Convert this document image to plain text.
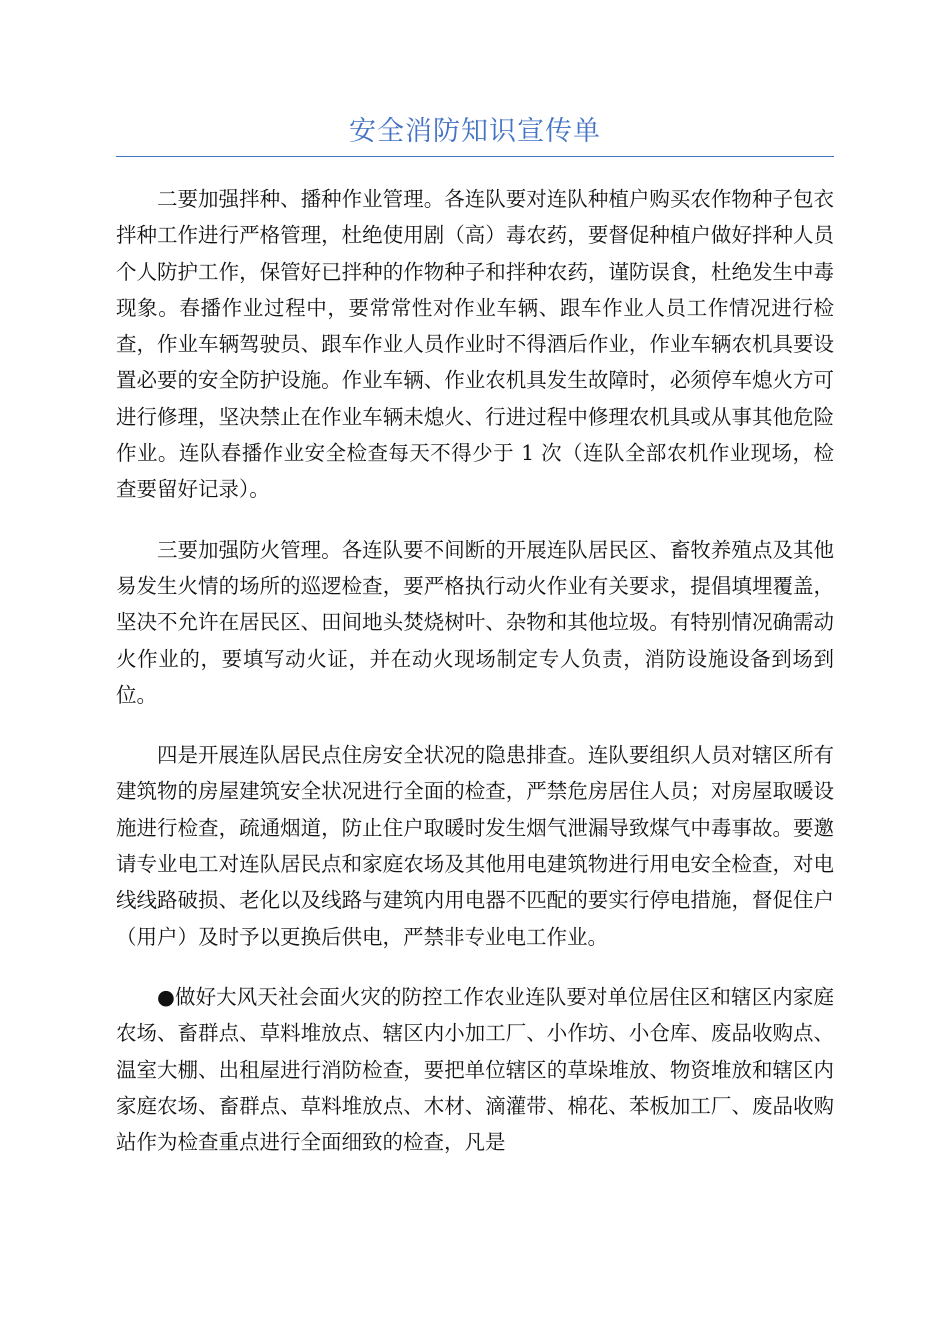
安全消防知识宣传单

二要加强拌种、播种作业管理。各连队要对连队种植户购买农作物种子包衣拌种工作进行严格管理，杜绝使用剧（高）毒农药，要督促种植户做好拌种人员个人防护工作，保管好已拌种的作物种子和拌种农药，谨防误食，杜绝发生中毒现象。春播作业过程中，要常常性对作业车辆、跟车作业人员工作情况进行检查，作业车辆驾驶员、跟车作业人员作业时不得酒后作业，作业车辆农机具要设置必要的安全防护设施。作业车辆、作业农机具发生故障时，必须停车熄火方可进行修理，坚决禁止在作业车辆未熄火、行进过程中修理农机具或从事其他危险作业。连队春播作业安全检查每天不得少于 1 次（连队全部农机作业现场，检查要留好记录）。

三要加强防火管理。各连队要不间断的开展连队居民区、畜牧养殖点及其他易发生火情的场所的巡逻检查，要严格执行动火作业有关要求，提倡填埋覆盖，坚决不允许在居民区、田间地头焚烧树叶、杂物和其他垃圾。有特别情况确需动火作业的，要填写动火证，并在动火现场制定专人负责，消防设施设备到场到位。

四是开展连队居民点住房安全状况的隐患排查。连队要组织人员对辖区所有建筑物的房屋建筑安全状况进行全面的检查，严禁危房居住人员；对房屋取暖设施进行检查，疏通烟道，防止住户取暖时发生烟气泄漏导致煤气中毒事故。要邀请专业电工对连队居民点和家庭农场及其他用电建筑物进行用电安全检查，对电线线路破损、老化以及线路与建筑内用电器不匹配的要实行停电措施，督促住户（用户）及时予以更换后供电，严禁非专业电工作业。

●做好大风天社会面火灾的防控工作农业连队要对单位居住区和辖区内家庭农场、畜群点、草料堆放点、辖区内小加工厂、小作坊、小仓库、废品收购点、温室大棚、出租屋进行消防检查，要把单位辖区的草垛堆放、物资堆放和辖区内家庭农场、畜群点、草料堆放点、木材、滴灌带、棉花、苯板加工厂、废品收购站作为检查重点进行全面细致的检查，凡是
